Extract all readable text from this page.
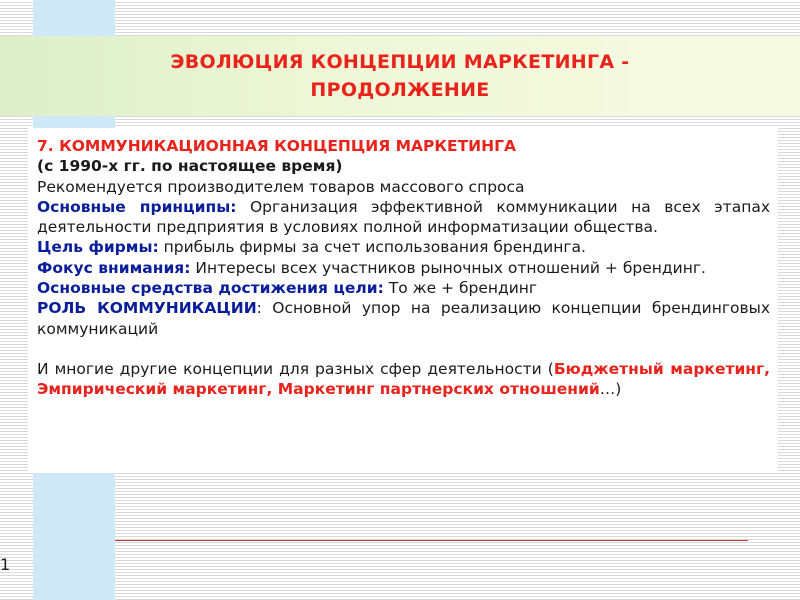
ЭВОЛЮЦИЯ КОНЦЕПЦИИ МАРКЕТИНГА - ПРОДОЛЖЕНИЕ

7. КОММУНИКАЦИОННАЯ КОНЦЕПЦИЯ МАРКЕТИНГА

(с 1990-х гг. по настоящее время)

Рекомендуется производителем товаров массового спроса

Основные принципы: Организация эффективной коммуникации на всех этапах деятельности предприятия в условиях полной информатизации общества.

Цель фирмы: прибыль фирмы за счет использования брендинга.

Фокус внимания: Интересы всех участников рыночных отношений + брендинг.

Основные средства достижения цели: То же + брендинг

РОЛЬ КОММУНИКАЦИИ: Основной упор на реализацию концепции брендинговых коммуникаций

И многие другие концепции для разных сфер деятельности (Бюджетный маркетинг, Эмпирический маркетинг, Маркетинг партнерских отношений…)

1
